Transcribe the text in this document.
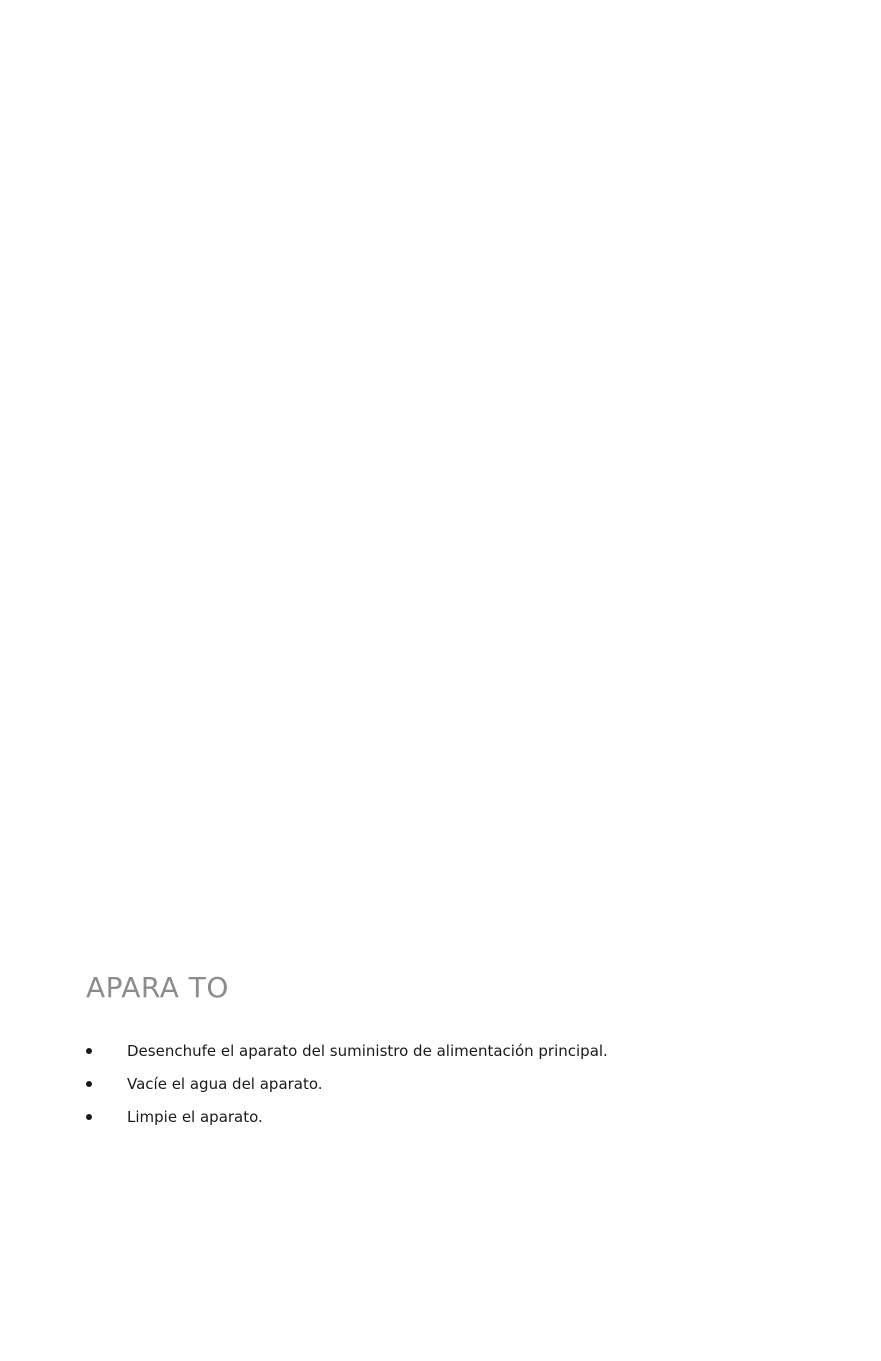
APARA TO
Desenchufe el aparato del suministro de alimentación principal.
Vacíe el agua del aparato.
Limpie el aparato.
